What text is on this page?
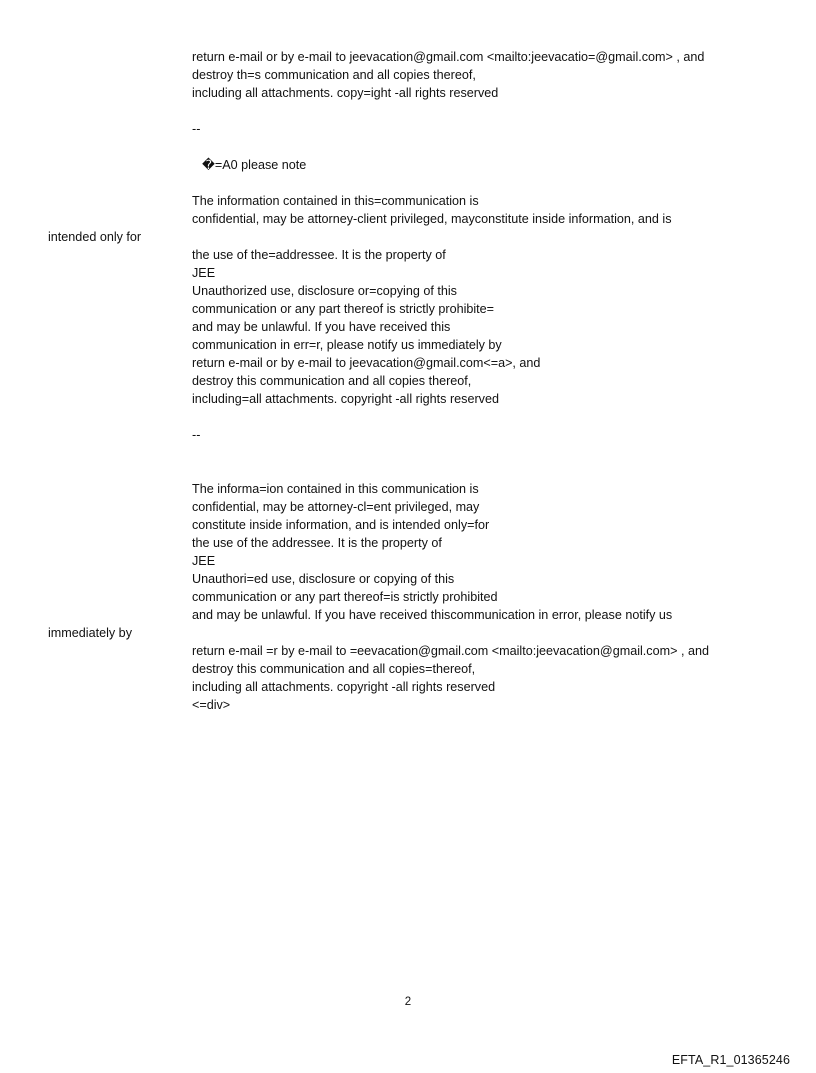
return e-mail or by e-mail to jeevacation@gmail.com <mailto:jeevacatio=@gmail.com> , and
destroy th=s communication and all copies thereof,
including all attachments. copy=ight -all rights reserved
--
�=A0 please note
The information contained in this=communication is
confidential, may be attorney-client privileged, mayconstitute inside information, and is
intended only for
the use of the=addressee. It is the property of
JEE
Unauthorized use, disclosure or=copying of this
communication or any part thereof is strictly prohibite=
and may be unlawful. If you have received this
communication in err=r, please notify us immediately by
return e-mail or by e-mail to jeevacation@gmail.com<=a>, and
destroy this communication and all copies thereof,
including=all attachments. copyright -all rights reserved
--
The informa=ion contained in this communication is
confidential, may be attorney-cl=ent privileged, may
constitute inside information, and is intended only=for
the use of the addressee. It is the property of
JEE
Unauthori=ed use, disclosure or copying of this
communication or any part thereof=is strictly prohibited
and may be unlawful. If you have received thiscommunication in error, please notify us
immediately by
return e-mail =r by e-mail to =eevacation@gmail.com <mailto:jeevacation@gmail.com> , and
destroy this communication and all copies=thereof,
including all attachments. copyright -all rights reserved
<=div>
2
EFTA_R1_01365246
